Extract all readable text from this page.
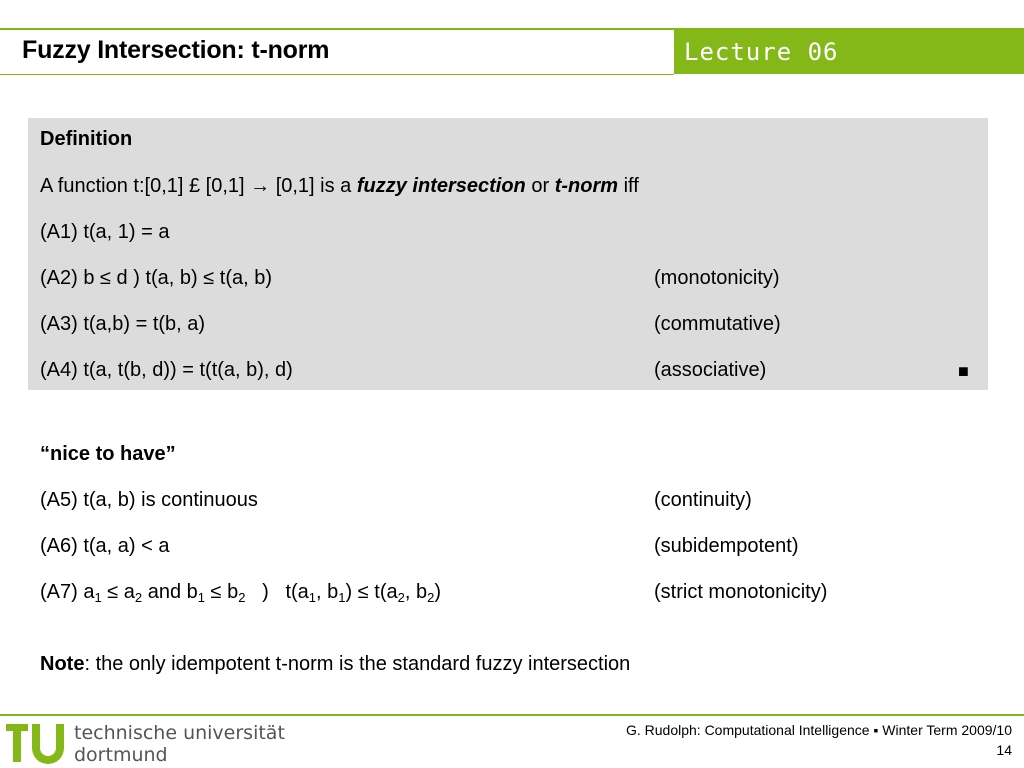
Fuzzy Intersection: t-norm	Lecture 06
Definition
A function t:[0,1] £ [0,1] → [0,1] is a fuzzy intersection or t-norm iff
(A1) t(a, 1) = a
(A2) b ≤ d ) t(a, b) ≤ t(a, b)	(monotonicity)
(A3) t(a,b) = t(b, a)	(commutative)
(A4) t(a, t(b, d)) = t(t(a, b), d)	(associative)	■
“nice to have”
(A5) t(a, b) is continuous	(continuity)
(A6) t(a, a) < a	(subidempotent)
(A7) $a_1 \le a_2$ and $b_1 \le b_2$   )   $t(a_1$, $b_1) \le t(a_2$, $b_2$)	(strict monotonicity)
Note: the only idempotent t-norm is the standard fuzzy intersection
technische universität
dortmund
G. Rudolph: Computational Intelligence ▪ Winter Term 2009/10
14
